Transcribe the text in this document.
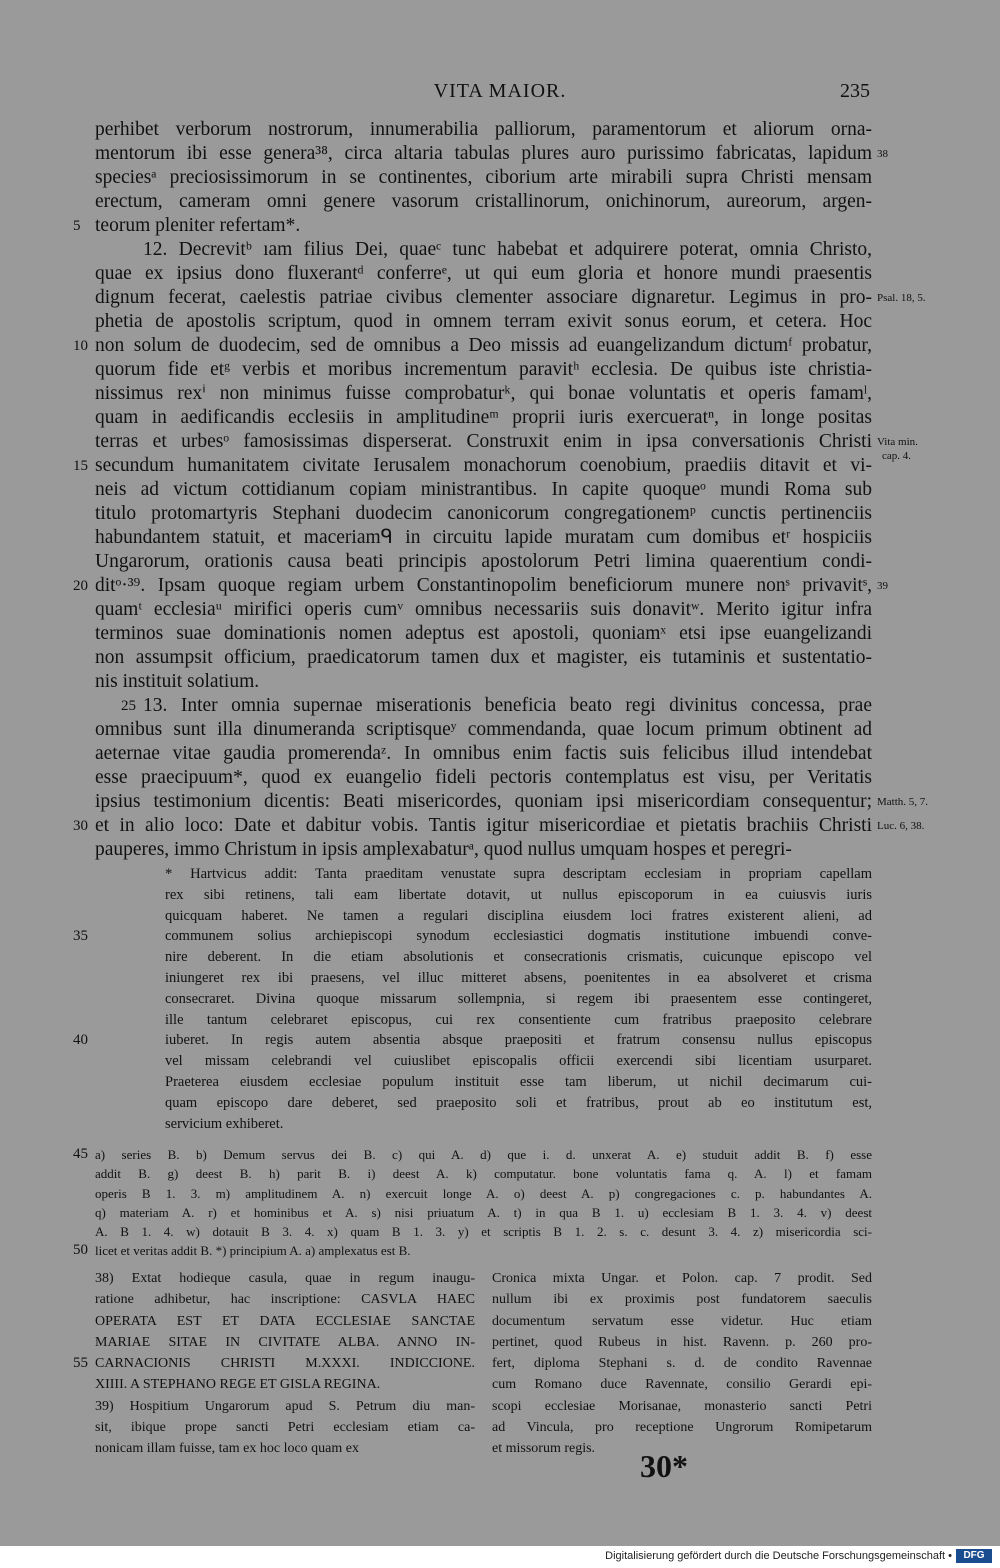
VITA MAIOR.	235
perhibet verborum nostrorum, innumerabilia palliorum, paramentorum et aliorum orna-
mentorum ibi esse genera³⁸, circa altaria tabulas plures auro purissimo fabricatas, lapidum 38
speciesᵃ preciosissimorum in se continentes, ciborium arte mirabili supra Christi mensam
erectum, cameram omni genere vasorum cristallinorum, onichinorum, aureorum, argen-
5 teorum pleniter refertam*.
12. Decrevitᵇ ıam filius Dei, quaeᶜ tunc habebat et adquirere poterat, omnia Christo,
quae ex ipsius dono fluxerantᵈ conferreᵉ, ut qui eum gloria et honore mundi praesentis
dignum fecerat, caelestis patriae civibus clementer associare dignaretur. Legimus in pro- Psal. 18, 5.
phetia de apostolis scriptum, quod in omnem terram exivit sonus eorum, et cetera. Hoc
10 non solum de duodecim, sed de omnibus a Deo missis ad euangelizandum dictumᶠ probatur,
quorum fide etᵍ verbis et moribus incrementum paravitʰ ecclesia. De quibus iste christia-
nissimus rexⁱ non minimus fuisse comprobaturᵏ, qui bonae voluntatis et operis famamˡ,
quam in aedificandis ecclesiis in amplitudineᵐ proprii iuris exercueratⁿ, in longe positas
terras et urbesᵒ famosissimas disperserat. Construxit enim in ipsa conversationis Christi Vita min.
cap. 4.
15 secundum humanitatem civitate Ierusalem monachorum coenobium, praediis ditavit et vi-
neis ad victum cottidianum copiam ministrantibus. In capite quoqueᵒ mundi Roma sub
titulo protomartyris Stephani duodecim canonicorum congregationemᵖ cunctis pertinenciis
habundantem statuit, et maceriamᑫ in circuitu lapide muratam cum domibus etʳ hospiciis
Ungarorum, orationis causa beati principis apostolorum Petri limina quaerentium condi-
20 ditᵒ·³⁹. Ipsam quoque regiam urbem Constantinopolim beneficiorum munere nonˢ privavitˢ, 39
quamᵗ ecclesiaᵘ mirifici operis cumᵛ omnibus necessariis suis donavitʷ. Merito igitur infra
terminos suae dominationis nomen adeptus est apostoli, quoniamˣ etsi ipse euangelizandi
non assumpsit officium, praedicatorum tamen dux et magister, eis tutaminis et sustentatio-
nis instituit solatium.
25 13. Inter omnia supernae miserationis beneficia beato regi divinitus concessa, prae
omnibus sunt illa dinumeranda scriptisqueʸ commendanda, quae locum primum obtinent ad
aeternae vitae gaudia promerendaᶻ. In omnibus enim factis suis felicibus illud intendebat
esse praecipuum*, quod ex euangelio fideli pectoris contemplatus est visu, per Veritatis
ipsius testimonium dicentis: Beati misericordes, quoniam ipsi misericordiam consequentur; Matth. 5, 7.
30 et in alio loco: Date et dabitur vobis. Tantis igitur misericordiae et pietatis brachiis Christi Luc. 6, 38.
pauperes, immo Christum in ipsis amplexabaturᵃ, quod nullus umquam hospes et peregri-
* Hartvicus addit: Tanta praeditam venustate supra descriptam ecclesiam in propriam capellam
rex sibi retinens, tali eam libertate dotavit, ut nullus episcoporum in ea cuiusvis iuris
quicquam haberet. Ne tamen a regulari disciplina eiusdem loci fratres existerent alieni, ad
35	communem solius archiepiscopi synodum ecclesiastici dogmatis institutione imbuendi conve-
nire deberent. In die etiam absolutionis et consecrationis crismatis, cuicunque episcopo vel
iniungeret rex ibi praesens, vel illuc mitteret absens, poenitentes in ea absolveret et crisma
consecraret. Divina quoque missarum sollempnia, si regem ibi praesentem esse contingeret,
ille tantum celebraret episcopus, cui rex consentiente cum fratribus praeposito celebrare
40	iuberet. In regis autem absentia absque praepositi et fratrum consensu nullus episcopus
vel missam celebrandi vel cuiuslibet episcopalis officii exercendi sibi licentiam usurparet.
Praeterea eiusdem ecclesiae populum instituit esse tam liberum, ut nichil decimarum cui-
quam episcopo dare deberet, sed praeposito soli et fratribus, prout ab eo institutum est,
servicium exhiberet.
45 a) series B. b) Demum servus dei B. c) qui A. d) que i. d. unxerat A. e) studuit addit B. f) esse
addit B. g) deest B. h) parit B. i) deest A. k) computatur. bone voluntatis fama q. A. l) et famam
operis B 1. 3. m) amplitudinem A. n) exercuit longe A. o) deest A. p) congregaciones c. p. habundantes A.
q) materiam A. r) et hominibus et A. s) nisi priuatum A. t) in qua B 1. u) ecclesiam B 1. 3. 4. v) deest
A. B 1. 4. w) dotauit B 3. 4. x) quam B 1. 3. y) et scriptis B 1. 2. s. c. desunt 3. 4. z) misericordia sci-
50 licet et veritas addit B. *) principium A. a) amplexatus est B.
38) Extat hodieque casula, quae in regum inaugu-
ratione adhibetur, hac inscriptione: CASVLA HAEC
OPERATA EST ET DATA ECCLESIAE SANCTAE
MARIAE SITAE IN CIVITATE ALBA. ANNO IN-
55 CARNACIONIS CHRISTI M.XXXI. INDICCIONE.
XIIII. A STEPHANO REGE ET GISLA REGINA.
39) Hospitium Ungarorum apud S. Petrum diu man-
sit, ibique prope sancti Petri ecclesiam etiam ca-
nonicam illam fuisse, tam ex hoc loco quam ex
Cronica mixta Ungar. et Polon. cap. 7 prodit. Sed
nullum ibi ex proximis post fundatorem saeculis
documentum servatum esse videtur. Huc etiam
pertinet, quod Rubeus in hist. Ravenn. p. 260 pro-
fert, diploma Stephani s. d. de condito Ravennae
cum Romano duce Ravennate, consilio Gerardi epi-
scopi ecclesiae Morisanae, monasterio sancti Petri
ad Vincula, pro receptione Ungrorum Romipetarum
et missorum regis.	30*
Digitalisierung gefördert durch die Deutsche Forschungsgemeinschaft •	DFG
